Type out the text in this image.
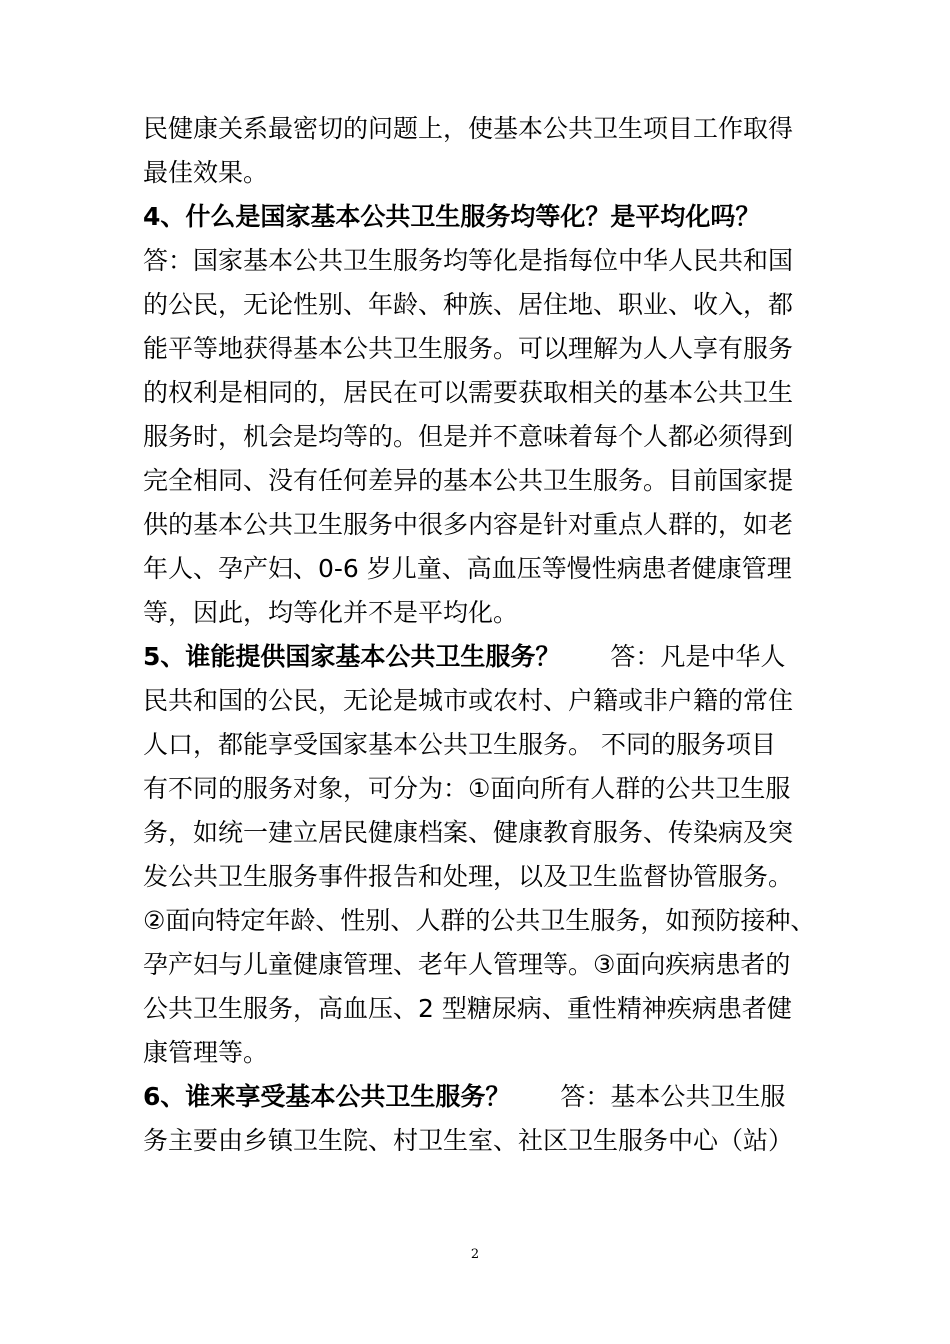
民健康关系最密切的问题上，使基本公共卫生项目工作取得
最佳效果。
4、什么是国家基本公共卫生服务均等化？是平均化吗？
答：国家基本公共卫生服务均等化是指每位中华人民共和国
的公民，无论性别、年龄、种族、居住地、职业、收入，都
能平等地获得基本公共卫生服务。可以理解为人人享有服务
的权利是相同的，居民在可以需要获取相关的基本公共卫生
服务时，机会是均等的。但是并不意味着每个人都必须得到
完全相同、没有任何差异的基本公共卫生服务。目前国家提
供的基本公共卫生服务中很多内容是针对重点人群的，如老
年人、孕产妇、0-6 岁儿童、高血压等慢性病患者健康管理
等，因此，均等化并不是平均化。
5、谁能提供国家基本公共卫生服务？ 答：凡是中华人
民共和国的公民，无论是城市或农村、户籍或非户籍的常住
人口，都能享受国家基本公共卫生服务。 不同的服务项目
有不同的服务对象，可分为：①面向所有人群的公共卫生服
务，如统一建立居民健康档案、健康教育服务、传染病及突
发公共卫生服务事件报告和处理，以及卫生监督协管服务。
②面向特定年龄、性别、人群的公共卫生服务，如预防接种、
孕产妇与儿童健康管理、老年人管理等。③面向疾病患者的
公共卫生服务，高血压、2 型糖尿病、重性精神疾病患者健
康管理等。
6、谁来享受基本公共卫生服务？ 答：基本公共卫生服
务主要由乡镇卫生院、村卫生室、社区卫生服务中心（站）
2
